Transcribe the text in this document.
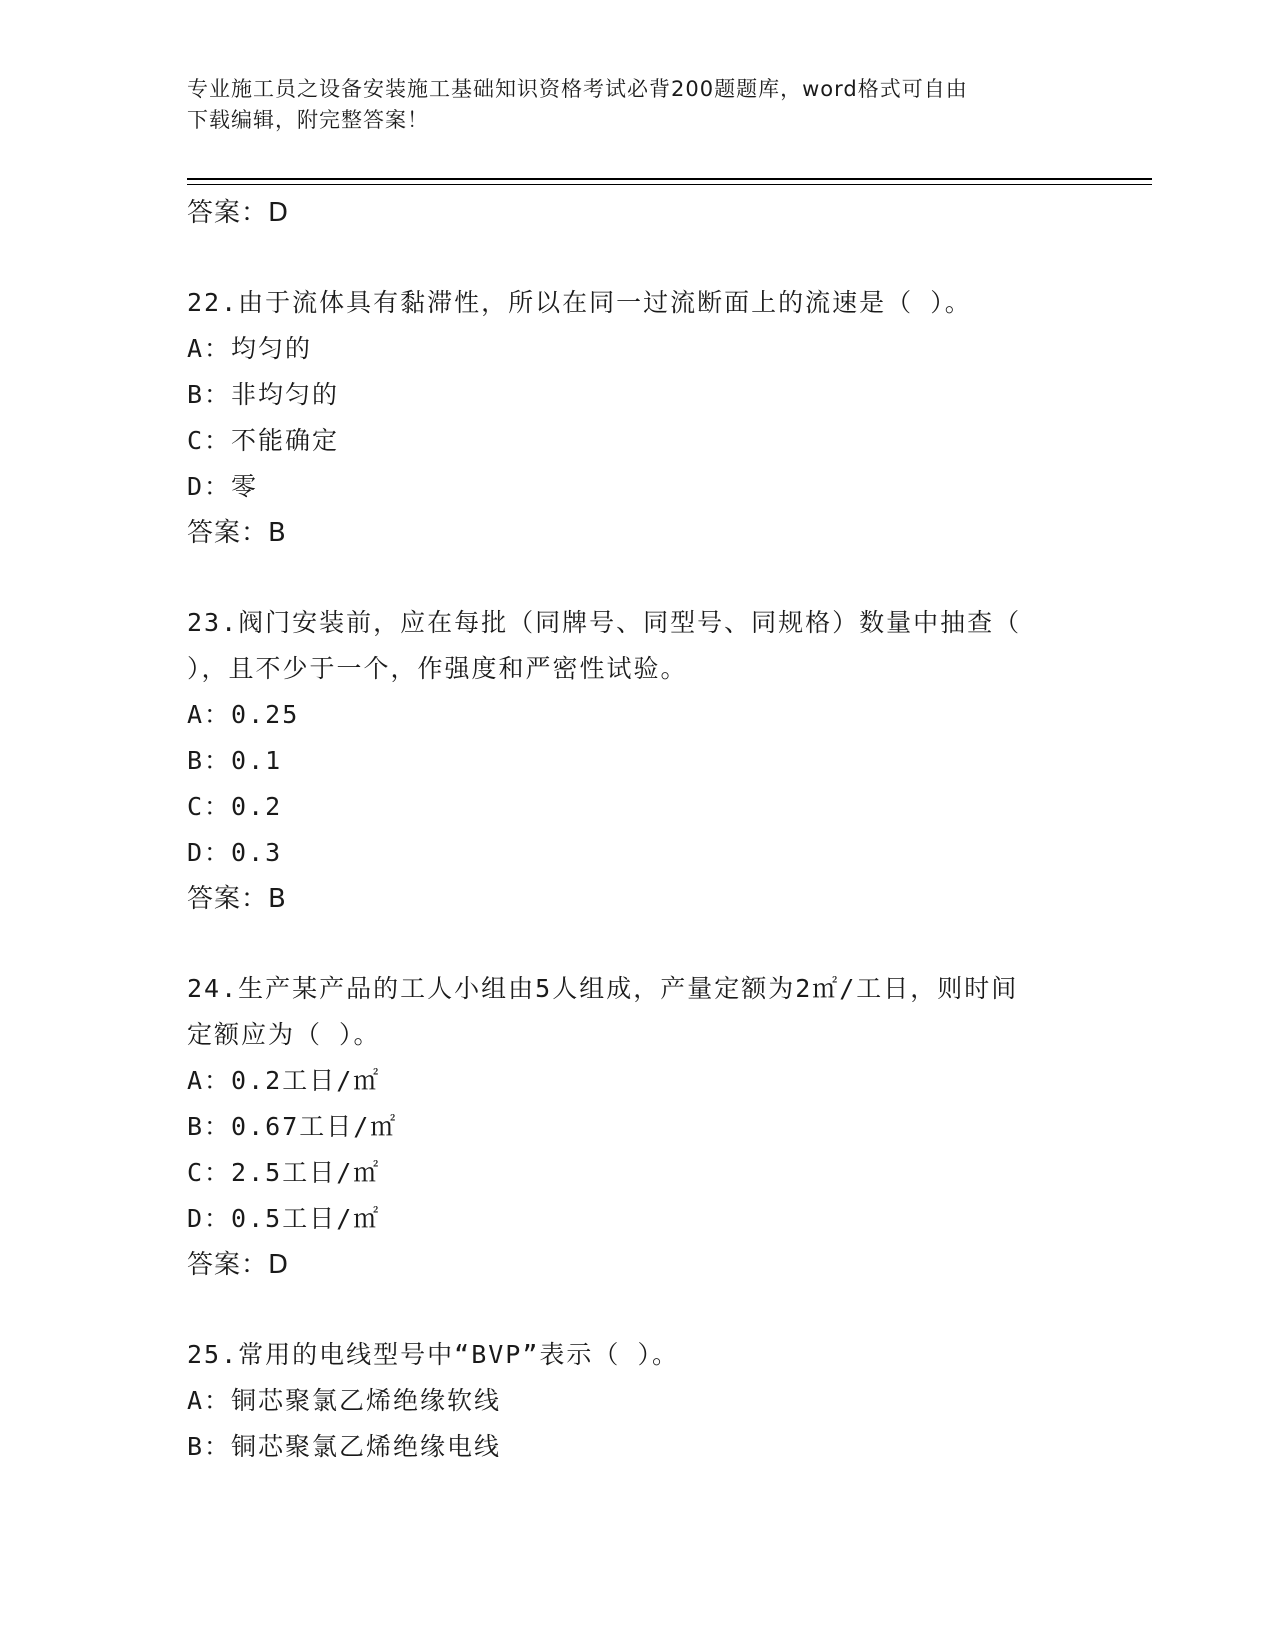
专业施工员之设备安装施工基础知识资格考试必背200题题库，word格式可自由
下载编辑，附完整答案！
答案：D
22.由于流体具有黏滞性，所以在同一过流断面上的流速是（ ）。
A：均匀的
B：非均匀的
C：不能确定
D：零
答案：B
23.阀门安装前，应在每批（同牌号、同型号、同规格）数量中抽查（
），且不少于一个，作强度和严密性试验。
A：0.25
B：0.1
C：0.2
D：0.3
答案：B
24.生产某产品的工人小组由5人组成，产量定额为2㎡/工日，则时间
定额应为（ ）。
A：0.2工日/㎡
B：0.67工日/㎡
C：2.5工日/㎡
D：0.5工日/㎡
答案：D
25.常用的电线型号中“BVP”表示（ ）。
A：铜芯聚氯乙烯绝缘软线
B：铜芯聚氯乙烯绝缘电线
